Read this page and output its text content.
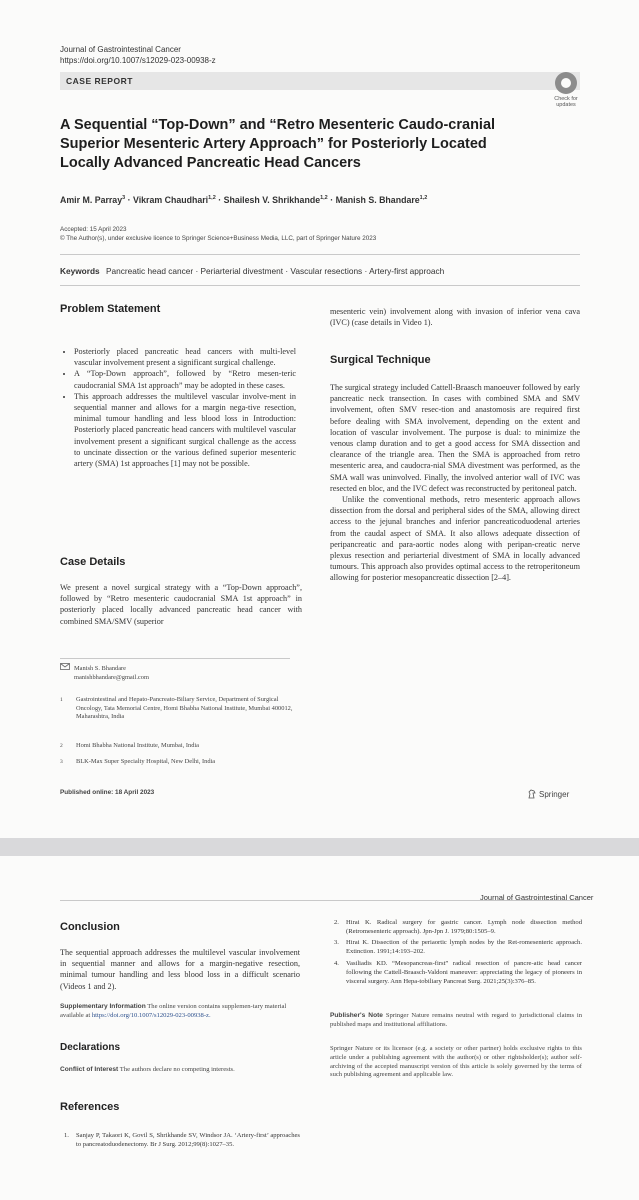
Journal of Gastrointestinal Cancer
https://doi.org/10.1007/s12029-023-00938-z
CASE REPORT
Check for updates
A Sequential “Top-Down” and “Retro Mesenteric Caudo-cranial Superior Mesenteric Artery Approach” for Posteriorly Located Locally Advanced Pancreatic Head Cancers
Amir M. Parray$^3$ · Vikram Chaudhari$^{1,2}$ · Shailesh V. Shrikhande$^{1,2}$ · Manish S. Bhandare$^{1,2}$
Accepted: 15 April 2023
© The Author(s), under exclusive licence to Springer Science+Business Media, LLC, part of Springer Nature 2023
Keywords Pancreatic head cancer · Periarterial divestment · Vascular resections · Artery-first approach
Problem Statement
• Posteriorly placed pancreatic head cancers with multi-level vascular involvement present a significant surgical challenge.
• A “Top-Down approach”, followed by “Retro mesen-teric caudocranial SMA 1st approach” may be adopted in these cases.
• This approach addresses the multilevel vascular involve-ment in sequential manner and allows for a margin nega-tive resection, minimal tumour handling and less blood loss in Introduction: Posteriorly placed pancreatic head cancers with multilevel vascular involvement present a significant surgical challenge as the access to uncinate dissection or the various defined superior mesenteric artery (SMA) 1st approaches [1] may not be possible.
Case Details
We present a novel surgical strategy with a “Top-Down approach”, followed by “Retro mesenteric caudocranial SMA 1st approach” in posteriorly placed locally advanced pancreatic head cancer with combined SMA/SMV (superior
Manish S. Bhandare
manishbhandare@gmail.com
1	Gastrointestinal and Hepato-Pancreato-Biliary Service, Department of Surgical Oncology, Tata Memorial Centre, Homi Bhabha National Institute, Mumbai 400012, Maharashtra, India
2	Homi Bhabha National Institute, Mumbai, India
3	BLK-Max Super Specialty Hospital, New Delhi, India
mesenteric vein) involvement along with invasion of inferior vena cava (IVC) (case details in Video 1).
Surgical Technique
The surgical strategy included Cattell-Braasch manoeuver followed by early pancreatic neck transection. In cases with combined SMA and SMV involvement, often SMV resec-tion and anastomosis are required first before dealing with SMA involvement, depending on the extent and location of vascular involvement. The purpose is dual: to minimize the venous clamp duration and to get a good access for SMA dissection and clearance of the triangle area. Then the SMA is approached from retro mesenteric area, and caudocra-nial SMA divestment was performed, as the SMA wall was uninvolved. Finally, the involved anterior wall of IVC was resected en bloc, and the IVC defect was reconstructed by peritoneal patch.
Unlike the conventional methods, retro mesenteric approach allows dissection from the dorsal and peripheral sides of the SMA, allowing direct access to the jejunal branches and inferior pancreaticoduodenal arteries from the caudal aspect of SMA. It also allows adequate dissection of peripancreatic and para-aortic nodes along with peripan-creatic nerve plexus resection and periarterial divestment of SMA in locally advanced tumours. This approach also provides optimal access to the retroperitoneum allowing for posterior mesopancreatic dissection [2–4].
Published online: 18 April 2023	Springer
Journal of Gastrointestinal Cancer
Conclusion
The sequential approach addresses the multilevel vascular involvement in sequential manner and allows for a margin-negative resection, minimal tumour handling and less blood loss in a difficult scenario (Videos 1 and 2).
Supplementary Information The online version contains supplemen-tary material available at https://doi.org/10.1007/s12029-023-00938-z.
Declarations
Conflict of Interest The authors declare no competing interests.
References
1. Sanjay P, Takaori K, Govil S, Shrikhande SV, Windsor JA. ‘Artery-first’ approaches to pancreatoduodenectomy. Br J Surg. 2012;99(8):1027–35.
2. Hirai K. Radical surgery for gastric cancer. Lymph node dissection method (Retromesenteric approach). Jpn-Jpn J. 1979;80:1505–9.
3. Hirai K. Dissection of the periaortic lymph nodes by the Ret-romesenteric approach. Extinction. 1991;14:193–202.
4. Vasiliadis KD. “Mesopancreas-first” radical resection of pancre-atic head cancer following the Cattell-Braasch-Valdoni maneuver: appreciating the legacy of pioneers in visceral surgery. Ann Hepa-tobiliary Pancreat Surg. 2021;25(3):376–85.
Publisher's Note Springer Nature remains neutral with regard to jurisdictional claims in published maps and institutional affiliations.
Springer Nature or its licensor (e.g. a society or other partner) holds exclusive rights to this article under a publishing agreement with the author(s) or other rightsholder(s); author self-archiving of the accepted manuscript version of this article is solely governed by the terms of such publishing agreement and applicable law.
